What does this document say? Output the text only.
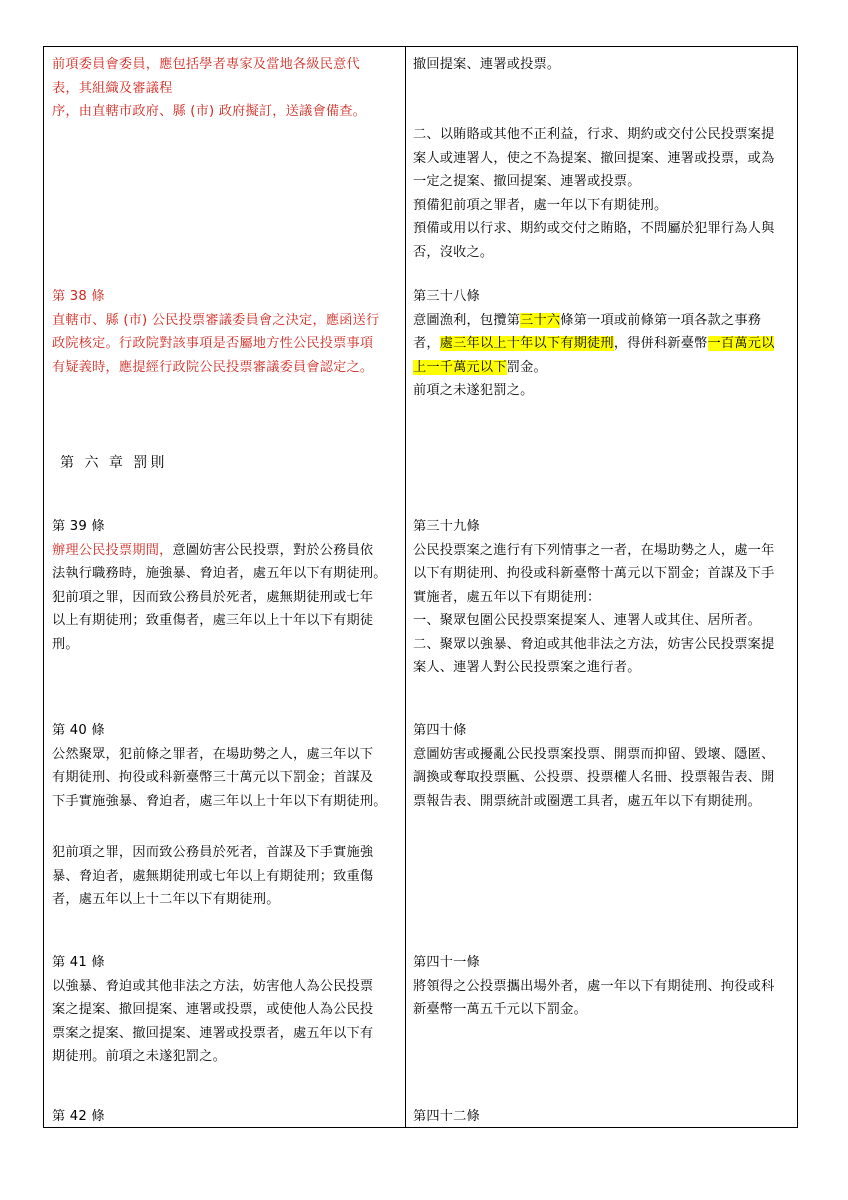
前項委員會委員，應包括學者專家及當地各級民意代

表，其組織及審議程

序，由直轄市政府、縣 (市) 政府擬訂，送議會備查。

第 38 條

直轄市、縣 (市) 公民投票審議委員會之決定，應函送行

政院核定。行政院對該事項是否屬地方性公民投票事項

有疑義時，應提經行政院公民投票審議委員會認定之。

第 六 章 罰則

第 39 條

辦理公民投票期間，意圖妨害公民投票，對於公務員依

法執行職務時，施強暴、脅迫者，處五年以下有期徒刑。

犯前項之罪，因而致公務員於死者，處無期徒刑或七年

以上有期徒刑；致重傷者，處三年以上十年以下有期徒

刑。

第 40 條

公然聚眾，犯前條之罪者，在場助勢之人，處三年以下

有期徒刑、拘役或科新臺幣三十萬元以下罰金；首謀及

下手實施強暴、脅迫者，處三年以上十年以下有期徒刑。

犯前項之罪，因而致公務員於死者，首謀及下手實施強

暴、脅迫者，處無期徒刑或七年以上有期徒刑；致重傷

者，處五年以上十二年以下有期徒刑。

第 41 條

以強暴、脅迫或其他非法之方法，妨害他人為公民投票

案之提案、撤回提案、連署或投票，或使他人為公民投

票案之提案、撤回提案、連署或投票者，處五年以下有

期徒刑。前項之未遂犯罰之。

第 42 條

撤回提案、連署或投票。

二、以賄賂或其他不正利益，行求、期約或交付公民投票案提

案人或連署人，使之不為提案、撤回提案、連署或投票，或為

一定之提案、撤回提案、連署或投票。

預備犯前項之罪者，處一年以下有期徒刑。

預備或用以行求、期約或交付之賄賂，不問屬於犯罪行為人與

否，沒收之。

第三十八條

意圖漁利，包攬第三十六條第一項或前條第一項各款之事務

者，處三年以上十年以下有期徒刑，得併科新臺幣一百萬元以

上一千萬元以下罰金。

前項之未遂犯罰之。

第三十九條

公民投票案之進行有下列情事之一者，在場助勢之人，處一年

以下有期徒刑、拘役或科新臺幣十萬元以下罰金；首謀及下手

實施者，處五年以下有期徒刑：

一、聚眾包圍公民投票案提案人、連署人或其住、居所者。

二、聚眾以強暴、脅迫或其他非法之方法，妨害公民投票案提

案人、連署人對公民投票案之進行者。

第四十條

意圖妨害或擾亂公民投票案投票、開票而抑留、毀壞、隱匿、

調換或奪取投票匭、公投票、投票權人名冊、投票報告表、開

票報告表、開票統計或圈選工具者，處五年以下有期徒刑。

第四十一條

將領得之公投票攜出場外者，處一年以下有期徒刑、拘役或科

新臺幣一萬五千元以下罰金。

第四十二條
